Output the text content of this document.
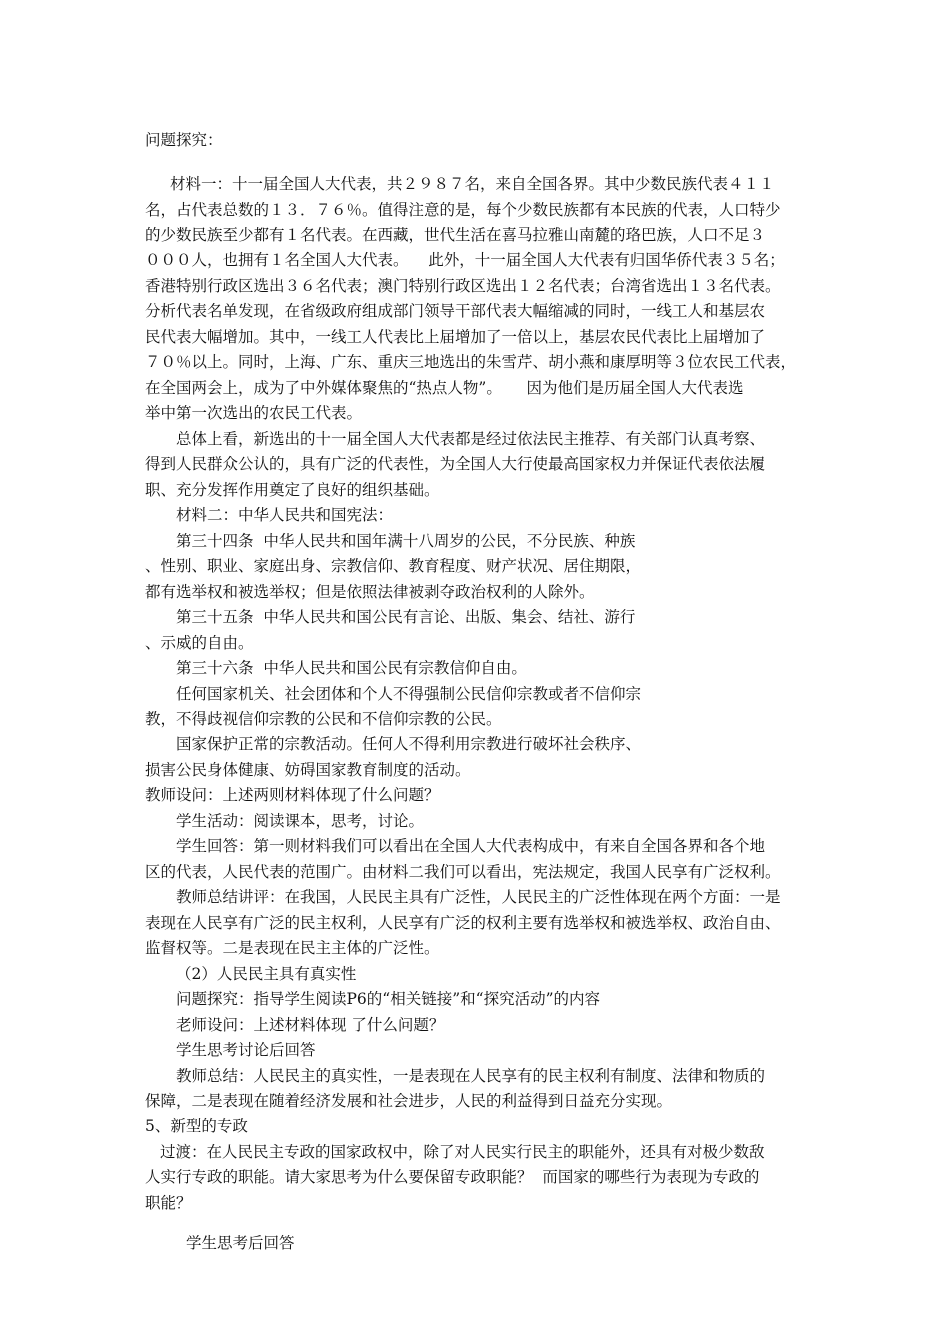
问题探究：
材料一：十一届全国人大代表，共２９８７名，来自全国各界。其中少数民族代表４１１
名，占代表总数的１３．７６％。值得注意的是，每个少数民族都有本民族的代表，人口特少
的少数民族至少都有１名代表。在西藏，世代生活在喜马拉雅山南麓的珞巴族，人口不足３
０００人，也拥有１名全国人大代表。    此外，十一届全国人大代表有归国华侨代表３５名；
香港特别行政区选出３６名代表；澳门特别行政区选出１２名代表；台湾省选出１３名代表。
分析代表名单发现，在省级政府组成部门领导干部代表大幅缩减的同时，一线工人和基层农
民代表大幅增加。其中，一线工人代表比上届增加了一倍以上，基层农民代表比上届增加了
７０％以上。同时，上海、广东、重庆三地选出的朱雪芹、胡小燕和康厚明等３位农民工代表，
在全国两会上，成为了中外媒体聚焦的“热点人物”。     因为他们是历届全国人大代表选
举中第一次选出的农民工代表。
总体上看，新选出的十一届全国人大代表都是经过依法民主推荐、有关部门认真考察、
得到人民群众公认的，具有广泛的代表性，为全国人大行使最高国家权力并保证代表依法履
职、充分发挥作用奠定了良好的组织基础。
材料二：中华人民共和国宪法：
第三十四条  中华人民共和国年满十八周岁的公民，不分民族、种族
、性别、职业、家庭出身、宗教信仰、教育程度、财产状况、居住期限，
都有选举权和被选举权；但是依照法律被剥夺政治权利的人除外。
第三十五条  中华人民共和国公民有言论、出版、集会、结社、游行
、示威的自由。
第三十六条  中华人民共和国公民有宗教信仰自由。
任何国家机关、社会团体和个人不得强制公民信仰宗教或者不信仰宗
教，不得歧视信仰宗教的公民和不信仰宗教的公民。
国家保护正常的宗教活动。任何人不得利用宗教进行破坏社会秩序、
损害公民身体健康、妨碍国家教育制度的活动。
教师设问：上述两则材料体现了什么问题？
学生活动：阅读课本，思考，讨论。
学生回答：第一则材料我们可以看出在全国人大代表构成中，有来自全国各界和各个地
区的代表，人民代表的范围广。由材料二我们可以看出，宪法规定，我国人民享有广泛权利。
教师总结讲评：在我国，人民民主具有广泛性，人民民主的广泛性体现在两个方面：一是
表现在人民享有广泛的民主权利，人民享有广泛的权利主要有选举权和被选举权、政治自由、
监督权等。二是表现在民主主体的广泛性。
（2）人民民主具有真实性
问题探究：指导学生阅读P6的“相关链接”和“探究活动”的内容
老师设问：上述材料体现 了什么问题？
学生思考讨论后回答
教师总结：人民民主的真实性，一是表现在人民享有的民主权利有制度、法律和物质的
保障，二是表现在随着经济发展和社会进步，人民的利益得到日益充分实现。
5、新型的专政
过渡：在人民民主专政的国家政权中，除了对人民实行民主的职能外，还具有对极少数敌
人实行专政的职能。请大家思考为什么要保留专政职能？  而国家的哪些行为表现为专政的
职能？
学生思考后回答
